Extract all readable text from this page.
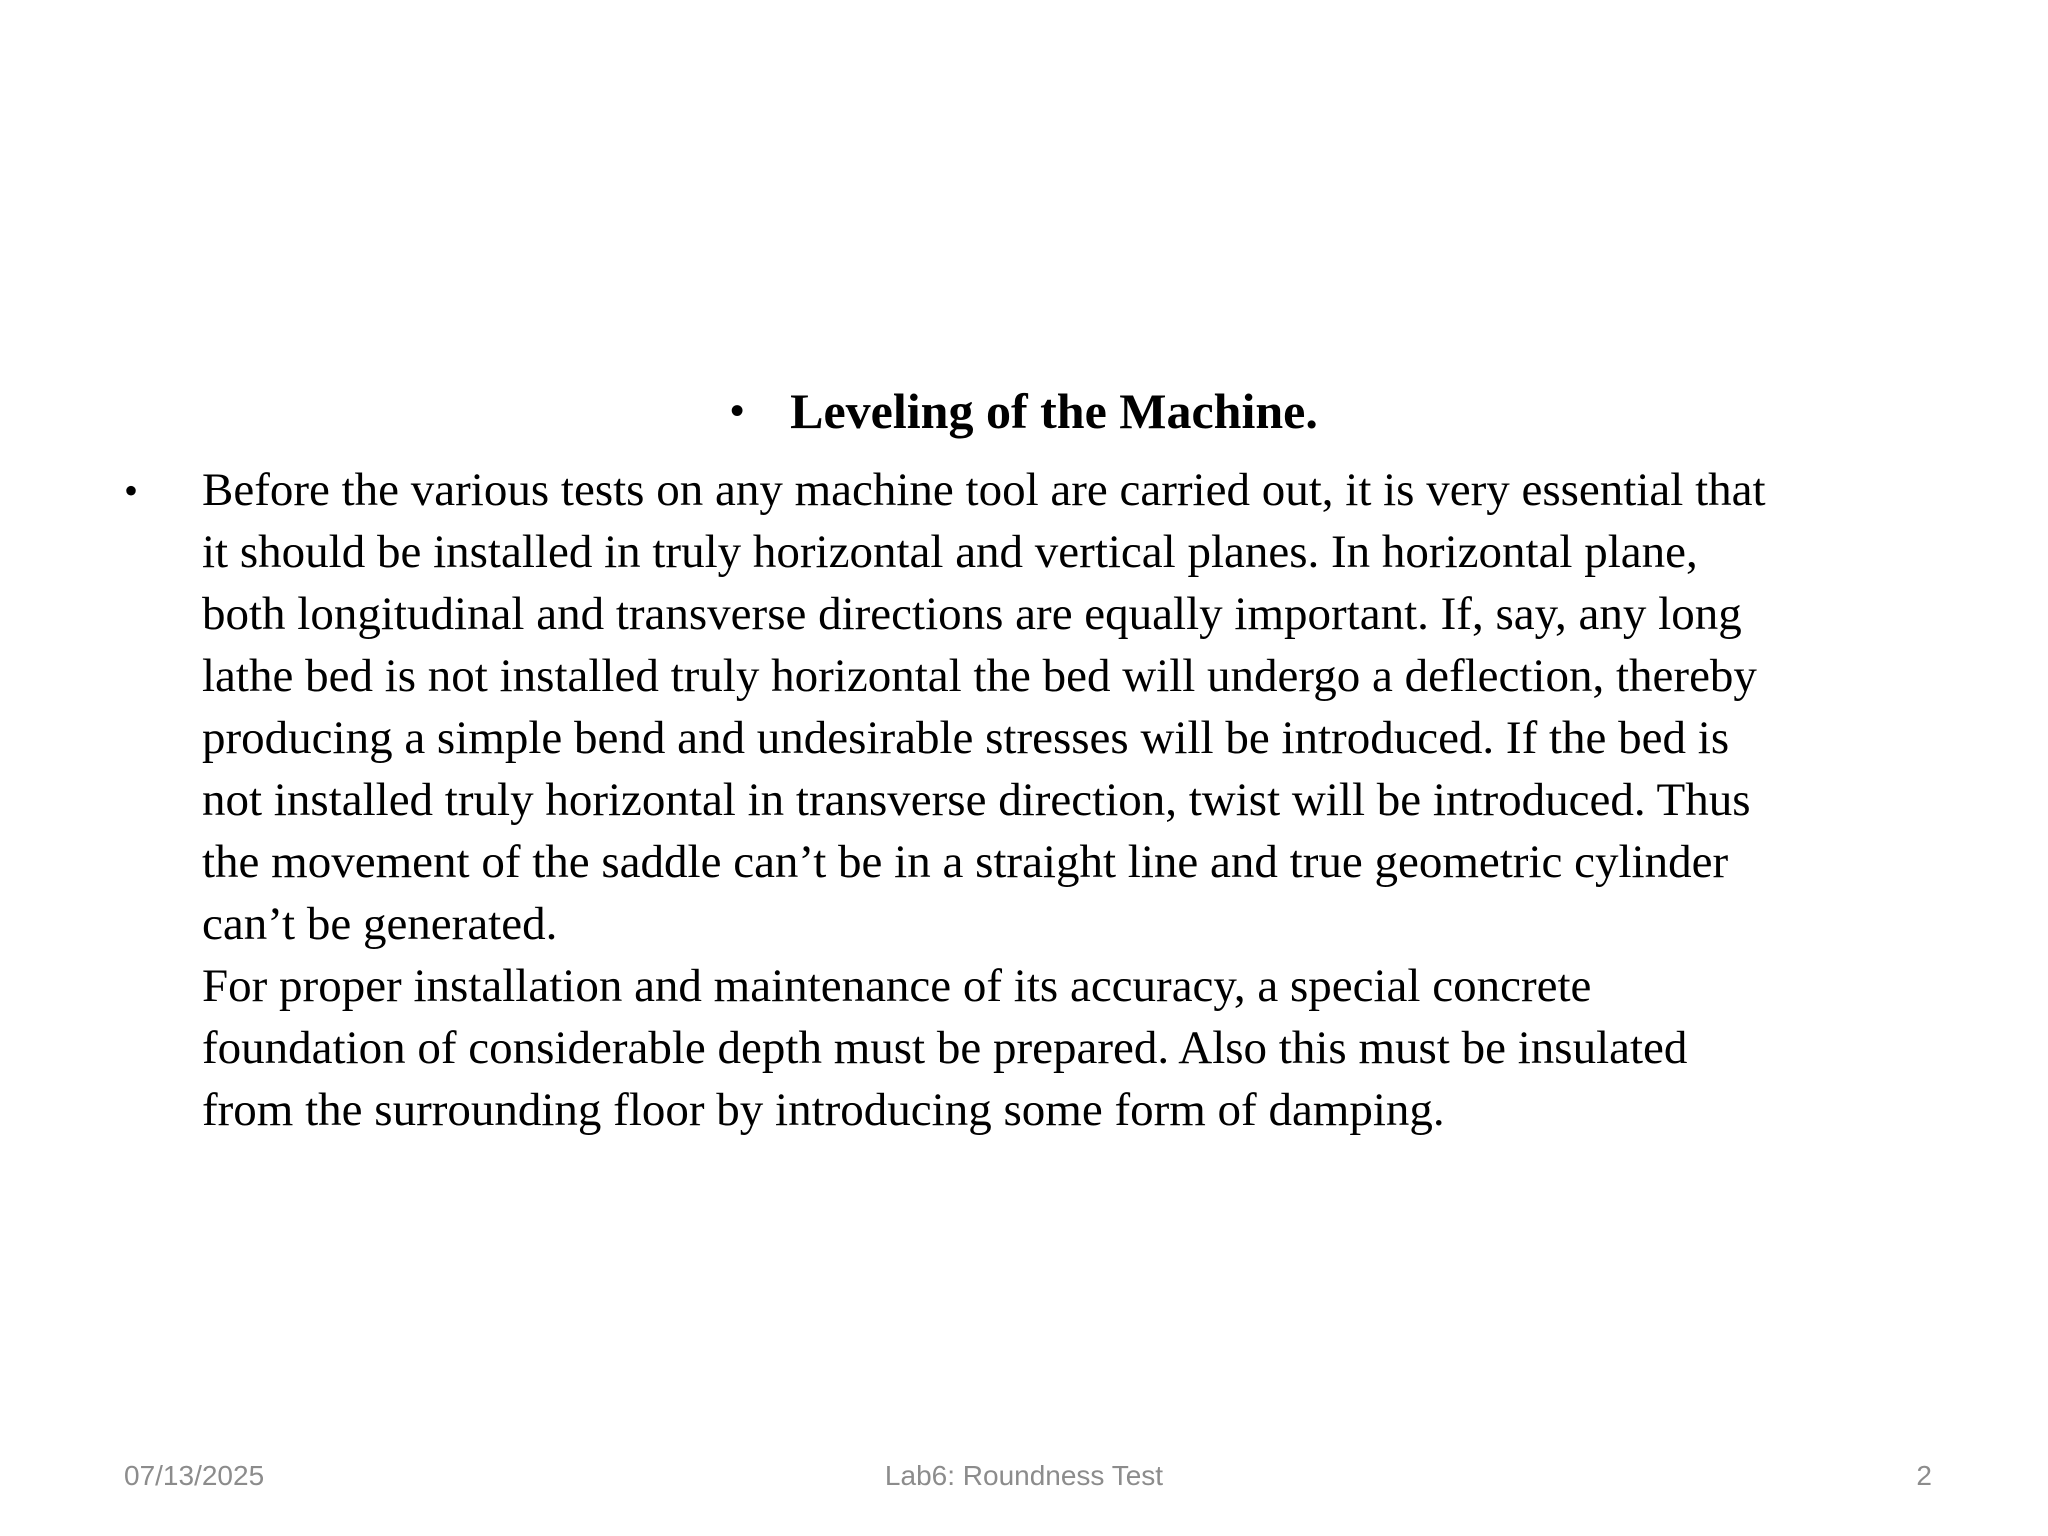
• Leveling of the Machine.
• Before the various tests on any machine tool are carried out, it is very essential that
it should be installed in truly horizontal and vertical planes. In horizontal plane,
both longitudinal and transverse directions are equally important. If, say, any long
lathe bed is not installed truly horizontal the bed will undergo a deflection, thereby
producing a simple bend and undesirable stresses will be introduced. If the bed is
not installed truly horizontal in transverse direction, twist will be introduced. Thus
the movement of the saddle can’t be in a straight line and true geometric cylinder
can’t be generated.
For proper installation and maintenance of its accuracy, a special concrete
foundation of considerable depth must be prepared. Also this must be insulated
from the surrounding floor by introducing some form of damping.
07/13/2025	Lab6: Roundness Test	2
